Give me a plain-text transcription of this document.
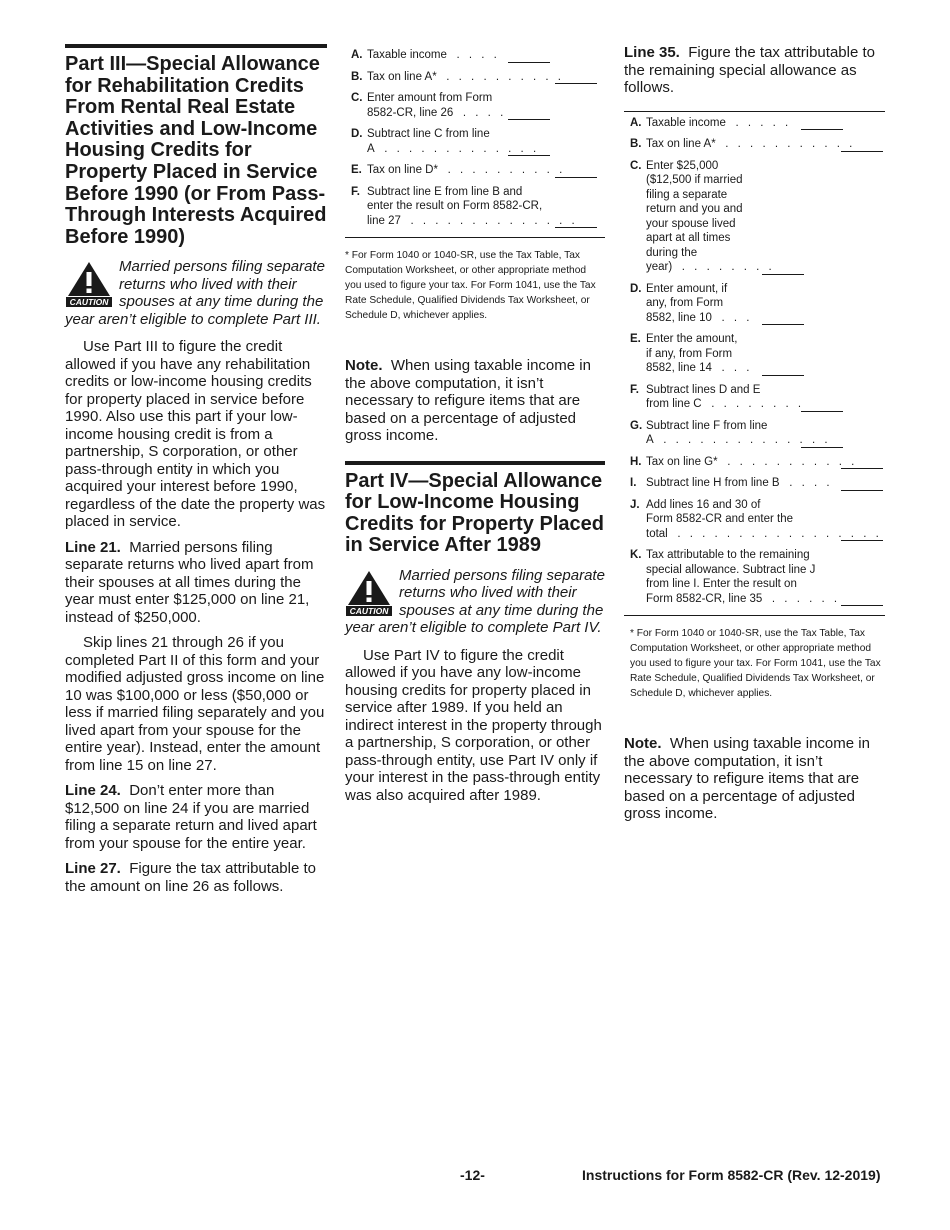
Part III—Special Allowance for Rehabilitation Credits From Rental Real Estate Activities and Low-Income Housing Credits for Property Placed in Service Before 1990 (or From Pass-Through Interests Acquired Before 1990)
CAUTION
Married persons filing separate returns who lived with their spouses at any time during the year aren’t eligible to complete Part III.

Use Part III to figure the credit allowed if you have any rehabilitation credits or low-income housing credits for property placed in service before 1990. Also use this part if your low-income housing credit is from a partnership, S corporation, or other pass-through entity in which you acquired your interest before 1990, regardless of the date the property was placed in service.

Line 21. Married persons filing separate returns who lived apart from their spouses at all times during the year must enter $125,000 on line 21, instead of $250,000.

Skip lines 21 through 26 if you completed Part II of this form and your modified adjusted gross income on line 10 was $100,000 or less ($50,000 or less if married filing separately and you lived apart from your spouse for the entire year). Instead, enter the amount from line 15 on line 27.

Line 24. Don’t enter more than $12,500 on line 24 if you are married filing a separate return and lived apart from your spouse for the entire year.

Line 27. Figure the tax attributable to the amount on line 26 as follows.

A. Taxable income . . . .
B. Tax on line A* . . . . . . . . . .
C. Enter amount from Form
8582-CR, line 26 . . . .
D. Subtract line C from line
A . . . . . . . . . . . . .
E. Tax on line D* . . . . . . . . . .
F. Subtract line E from line B and
enter the result on Form 8582-CR,
line 27 . . . . . . . . . . . . . .

* For Form 1040 or 1040-SR, use the Tax Table, Tax Computation Worksheet, or other appropriate method you used to figure your tax. For Form 1041, use the Tax Rate Schedule, Qualified Dividends Tax Worksheet, or Schedule D, whichever applies.

Note. When using taxable income in the above computation, it isn’t necessary to refigure items that are based on a percentage of adjusted gross income.

Part IV—Special Allowance for Low-Income Housing Credits for Property Placed in Service After 1989
CAUTION
Married persons filing separate returns who lived with their spouses at any time during the year aren’t eligible to complete Part IV.

Use Part IV to figure the credit allowed if you have any low-income housing credits for property placed in service after 1989. If you held an indirect interest in the property through a partnership, S corporation, or other pass-through entity, use Part IV only if your interest in the pass-through entity was also acquired after 1989.

Line 35. Figure the tax attributable to the remaining special allowance as follows.

A. Taxable income . . . . .
B. Tax on line A* . . . . . . . . . . .
C. Enter $25,000
($12,500 if married
filing a separate
return and you and
your spouse lived
apart at all times
during the
year) . . . . . . . .
D. Enter amount, if
any, from Form
8582, line 10 . . .
E. Enter the amount,
if any, from Form
8582, line 14 . . .
F. Subtract lines D and E
from line C . . . . . . . .
G. Subtract line F from line
A . . . . . . . . . . . . . .
H. Tax on line G* . . . . . . . . . . .
I. Subtract line H from line B . . . .
J. Add lines 16 and 30 of
Form 8582-CR and enter the
total . . . . . . . . . . . . . . . . .
K. Tax attributable to the remaining
special allowance. Subtract line J
from line I. Enter the result on
Form 8582-CR, line 35 . . . . . .

* For Form 1040 or 1040-SR, use the Tax Table, Tax Computation Worksheet, or other appropriate method you used to figure your tax. For Form 1041, use the Tax Rate Schedule, Qualified Dividends Tax Worksheet, or Schedule D, whichever applies.

Note. When using taxable income in the above computation, it isn’t necessary to refigure items that are based on a percentage of adjusted gross income.

-12-	Instructions for Form 8582-CR (Rev. 12-2019)
